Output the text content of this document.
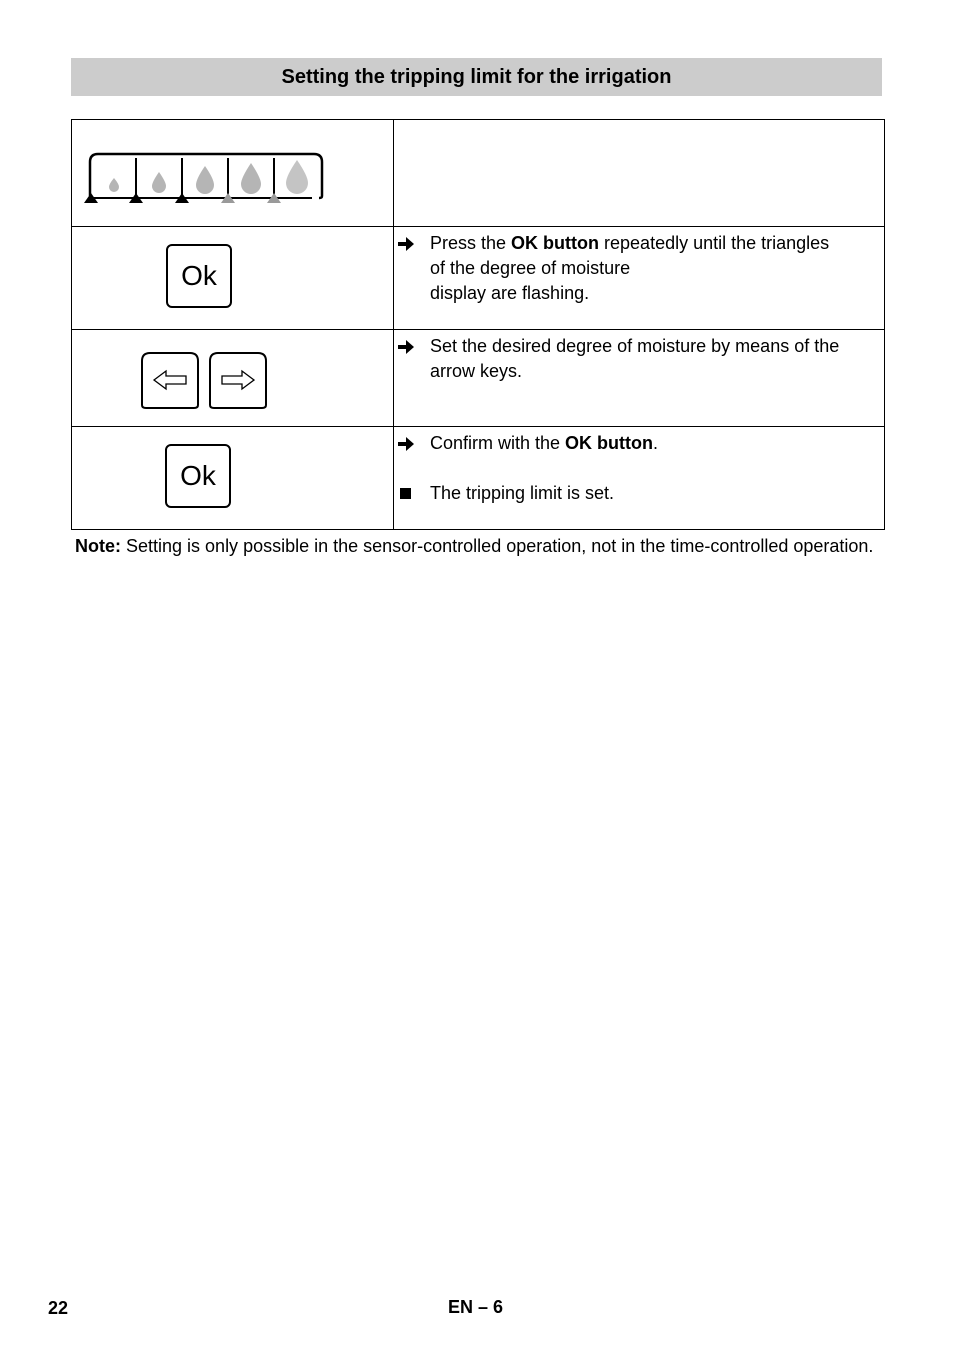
Setting the tripping limit for the irrigation

Ok	Press the OK button repeatedly until the triangles
of the degree of moisture
display are flashing.

Set the desired degree of moisture by means of the arrow keys.

Ok	Confirm with the OK button.
The tripping limit is set.
Note: Setting is only possible in the sensor-controlled operation, not in the time-controlled operation.
22	EN – 6
